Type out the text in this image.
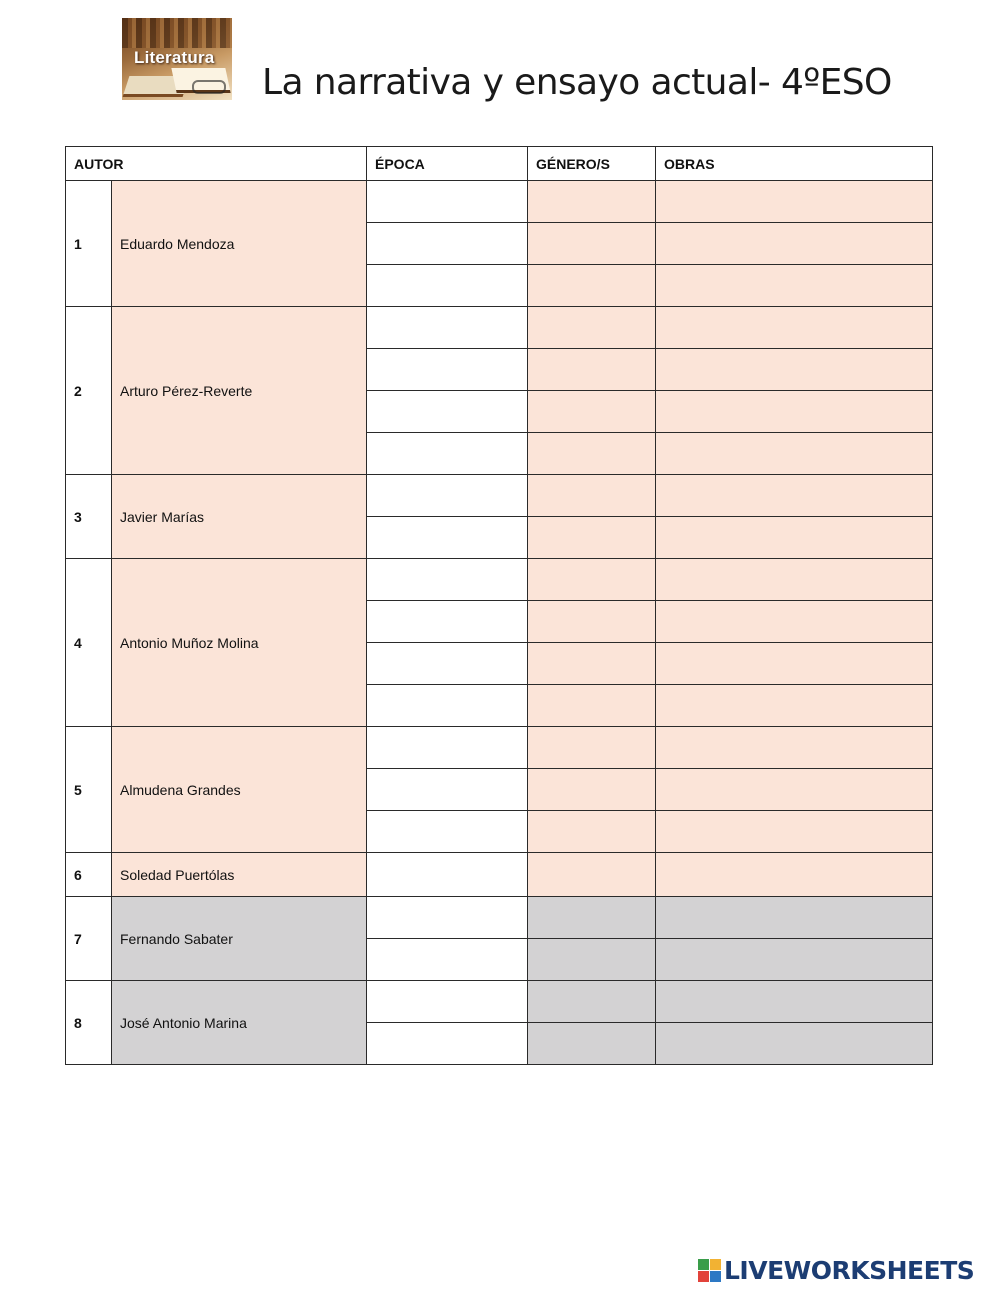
Literatura
La narrativa y ensayo actual- 4ºESO
AUTOR		ÉPOCA	GÉNERO/S	OBRAS
1	Eduardo Mendoza			

2	Arturo Pérez-Reverte			

3	Javier Marías			

4	Antonio Muñoz Molina			

5	Almudena Grandes			

6	Soledad Puertólas			
7	Fernando Sabater			

8	José Antonio Marina			

LIVEWORKSHEETS
